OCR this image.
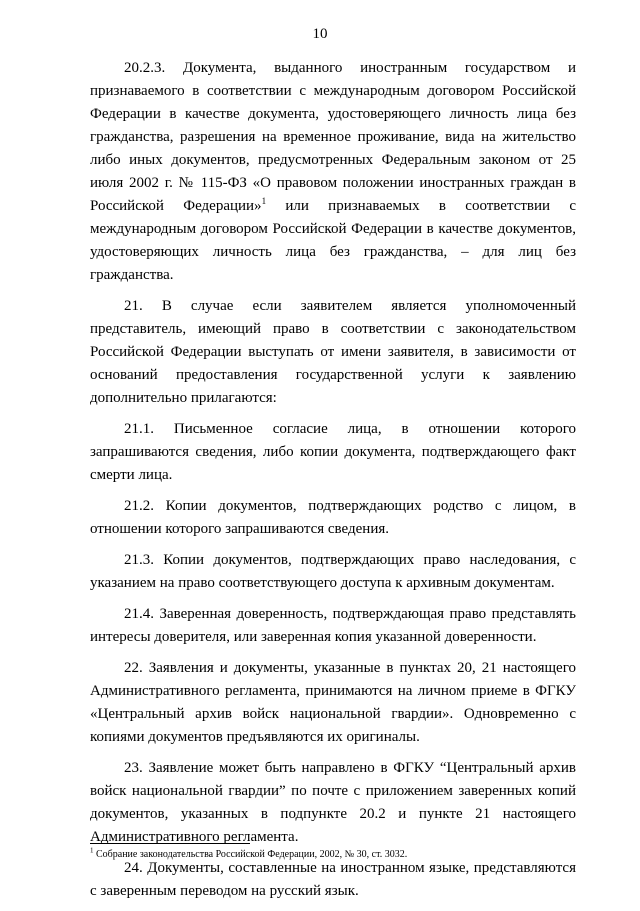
10

20.2.3. Документа, выданного иностранным государством и признаваемого в соответствии с международным договором Российской Федерации в качестве документа, удостоверяющего личность лица без гражданства, разрешения на временное проживание, вида на жительство либо иных документов, предусмотренных Федеральным законом от 25 июля 2002 г. № 115-ФЗ «О правовом положении иностранных граждан в Российской Федерации»$^1$ или признаваемых в соответствии с международным договором Российской Федерации в качестве документов, удостоверяющих личность лица без гражданства, – для лиц без гражданства.

21. В случае если заявителем является уполномоченный представитель, имеющий право в соответствии с законодательством Российской Федерации выступать от имени заявителя, в зависимости от оснований предоставления государственной услуги к заявлению дополнительно прилагаются:

21.1. Письменное согласие лица, в отношении которого запрашиваются сведения, либо копии документа, подтверждающего факт смерти лица.

21.2. Копии документов, подтверждающих родство с лицом, в отношении которого запрашиваются сведения.

21.3. Копии документов, подтверждающих право наследования, с указанием на право соответствующего доступа к архивным документам.

21.4. Заверенная доверенность, подтверждающая право представлять интересы доверителя, или заверенная копия указанной доверенности.

22. Заявления и документы, указанные в пунктах 20, 21 настоящего Административного регламента, принимаются на личном приеме в ФГКУ «Центральный архив войск национальной гвардии». Одновременно с копиями документов предъявляются их оригиналы.

23. Заявление может быть направлено в ФГКУ “Центральный архив войск национальной гвардии” по почте с приложением заверенных копий документов, указанных в подпункте 20.2 и пункте 21 настоящего Административного регламента.

24. Документы, составленные на иностранном языке, представляются с заверенным переводом на русский язык.

$^1$ Собрание законодательства Российской Федерации, 2002, № 30, ст. 3032.
